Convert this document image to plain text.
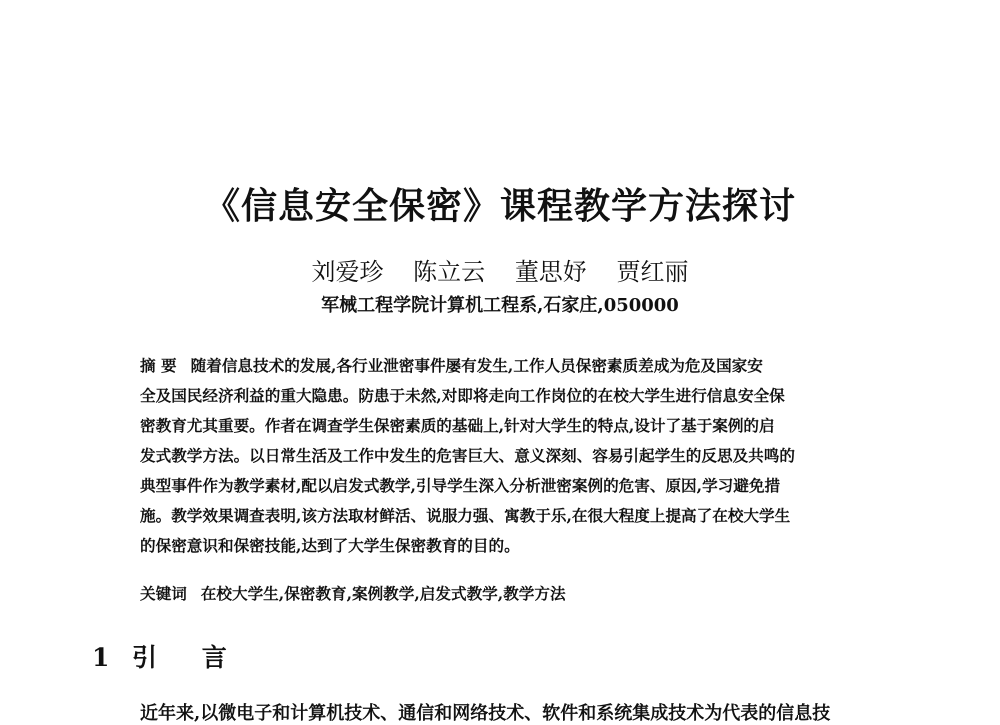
《信息安全保密》课程教学方法探讨
刘爱珍 陈立云 董思妤 贾红丽
军械工程学院计算机工程系,石家庄,050000
摘 要 随着信息技术的发展,各行业泄密事件屡有发生,工作人员保密素质差成为危及国家安
全及国民经济利益的重大隐患。防患于未然,对即将走向工作岗位的在校大学生进行信息安全保
密教育尤其重要。作者在调查学生保密素质的基础上,针对大学生的特点,设计了基于案例的启
发式教学方法。以日常生活及工作中发生的危害巨大、意义深刻、容易引起学生的反思及共鸣的
典型事件作为教学素材,配以启发式教学,引导学生深入分析泄密案例的危害、原因,学习避免措
施。教学效果调查表明,该方法取材鲜活、说服力强、寓教于乐,在很大程度上提高了在校大学生
的保密意识和保密技能,达到了大学生保密教育的目的。
关键词 在校大学生,保密教育,案例教学,启发式教学,教学方法
1 引 言
近年来,以微电子和计算机技术、通信和网络技术、软件和系统集成技术为代表的信息技
